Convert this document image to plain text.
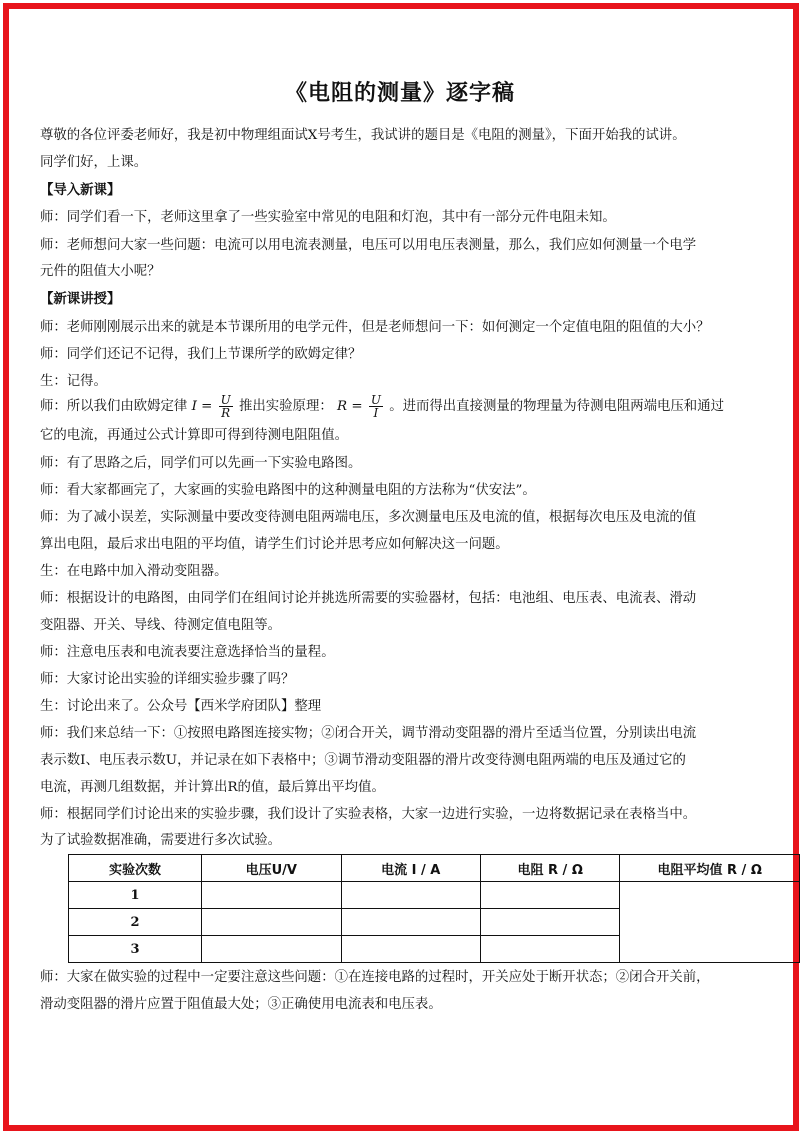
《电阻的测量》逐字稿
尊敬的各位评委老师好，我是初中物理组面试X号考生，我试讲的题目是《电阻的测量》，下面开始我的试讲。
同学们好，上课。
【导入新课】
师：同学们看一下，老师这里拿了一些实验室中常见的电阻和灯泡，其中有一部分元件电阻未知。
师：老师想问大家一些问题：电流可以用电流表测量，电压可以用电压表测量，那么，我们应如何测量一个电学
元件的阻值大小呢？
【新课讲授】
师：老师刚刚展示出来的就是本节课所用的电学元件，但是老师想问一下：如何测定一个定值电阻的阻值的大小？
师：同学们还记不记得，我们上节课所学的欧姆定律？
生：记得。
师：所以我们由欧姆定律 $I = \frac{U}{R}$ 推出实验原理： $R = \frac{U}{I}$ 。进而得出直接测量的物理量为待测电阻两端电压和通过
它的电流，再通过公式计算即可得到待测电阻阻值。
师：有了思路之后，同学们可以先画一下实验电路图。
师：看大家都画完了，大家画的实验电路图中的这种测量电阻的方法称为“伏安法”。
师：为了减小误差，实际测量中要改变待测电阻两端电压，多次测量电压及电流的值，根据每次电压及电流的值
算出电阻，最后求出电阻的平均值，请学生们讨论并思考应如何解决这一问题。
生：在电路中加入滑动变阻器。
师：根据设计的电路图，由同学们在组间讨论并挑选所需要的实验器材，包括：电池组、电压表、电流表、滑动
变阻器、开关、导线、待测定值电阻等。
师：注意电压表和电流表要注意选择恰当的量程。
师：大家讨论出实验的详细实验步骤了吗？
生：讨论出来了。公众号【西米学府团队】整理
师：我们来总结一下：①按照电路图连接实物；②闭合开关，调节滑动变阻器的滑片至适当位置，分别读出电流
表示数I、电压表示数U，并记录在如下表格中；③调节滑动变阻器的滑片改变待测电阻两端的电压及通过它的
电流，再测几组数据，并计算出R的值，最后算出平均值。
师：根据同学们讨论出来的实验步骤，我们设计了实验表格，大家一边进行实验，一边将数据记录在表格当中。
为了试验数据准确，需要进行多次试验。
实验次数	电压U/V	电流 I / A	电阻 R / Ω	电阻平均值 R / Ω
1				
2				
3				
师：大家在做实验的过程中一定要注意这些问题：①在连接电路的过程时，开关应处于断开状态；②闭合开关前，
滑动变阻器的滑片应置于阻值最大处；③正确使用电流表和电压表。
